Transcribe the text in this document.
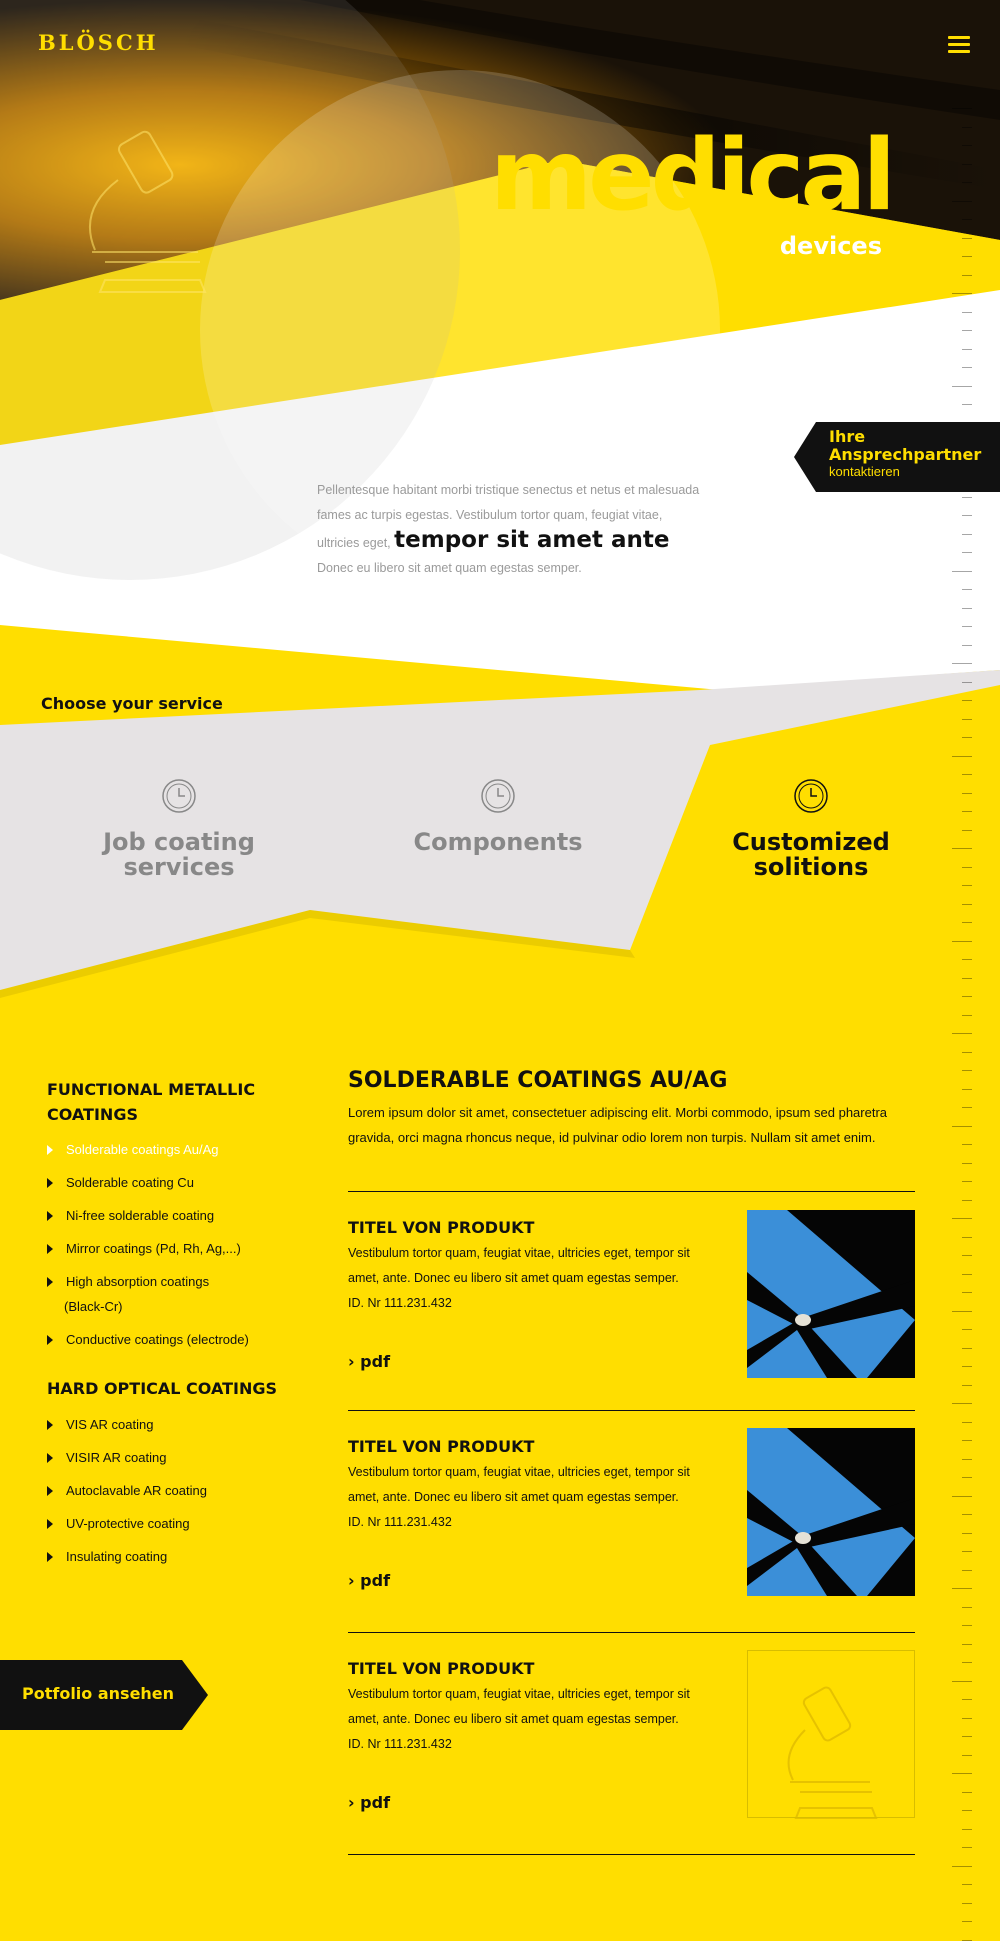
BLÖSCH
medical
devices
Ihre
Ansprechpartner
kontaktieren
Pellentesque habitant morbi tristique senectus et netus et malesuada fames ac turpis egestas. Vestibulum tortor quam, feugiat vitae, ultricies eget, tempor sit amet ante Donec eu libero sit amet quam egestas semper.
Choose your service
Job coating
services
Components	Customized
solitions
FUNCTIONAL METALLIC
COATINGS
Solderable coatings Au/Ag
Solderable coating Cu
Ni-free solderable coating
Mirror coatings (Pd, Rh, Ag,...)
High absorption coatings
(Black-Cr)
Conductive coatings (electrode)
HARD OPTICAL COATINGS
VIS AR coating
VISIR AR coating
Autoclavable AR coating
UV-protective coating
Insulating coating
SOLDERABLE COATINGS AU/AG
Lorem ipsum dolor sit amet, consectetuer adipiscing elit. Morbi commodo, ipsum sed pharetra gravida, orci magna rhoncus neque, id pulvinar odio lorem non turpis. Nullam sit amet enim.
TITEL VON PRODUKT
Vestibulum tortor quam, feugiat vitae, ultricies eget, tempor sit amet, ante. Donec eu libero sit amet quam egestas semper.
ID. Nr 111.231.432
› pdf
TITEL VON PRODUKT
Vestibulum tortor quam, feugiat vitae, ultricies eget, tempor sit amet, ante. Donec eu libero sit amet quam egestas semper.
ID. Nr 111.231.432
› pdf
TITEL VON PRODUKT
Vestibulum tortor quam, feugiat vitae, ultricies eget, tempor sit amet, ante. Donec eu libero sit amet quam egestas semper.
ID. Nr 111.231.432
› pdf
Potfolio ansehen
